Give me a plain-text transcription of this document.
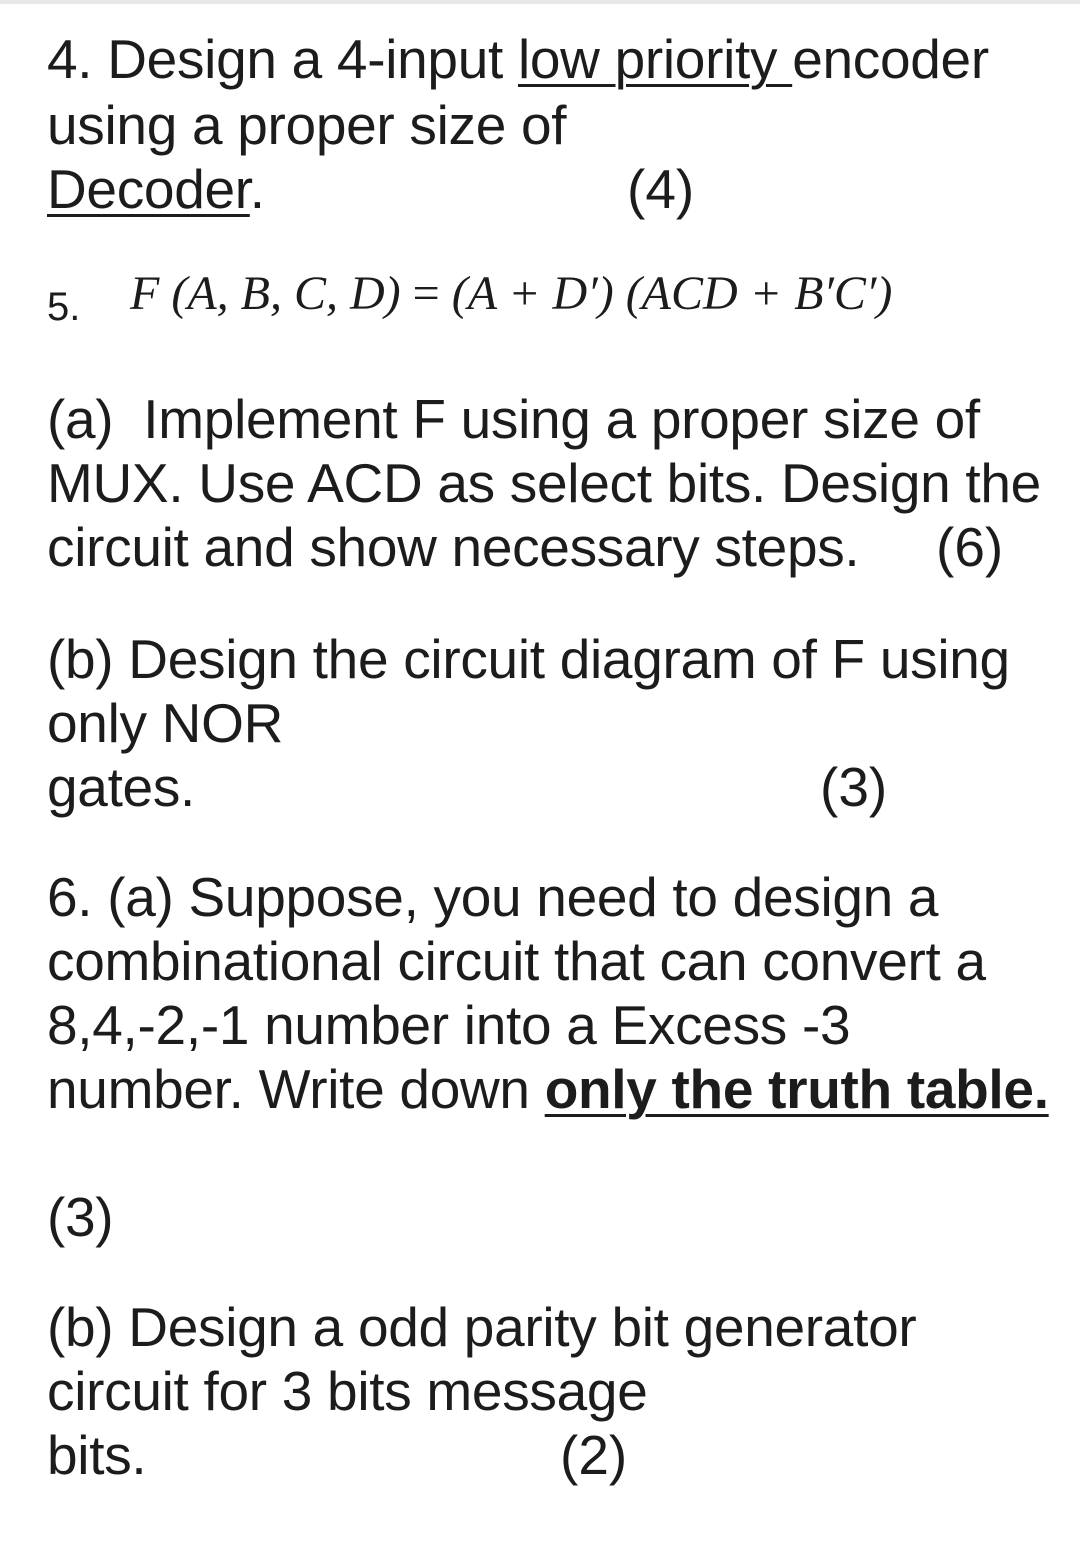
4. Design a 4-input low priority encoder
using a proper size of
Decoder.	(4)
5. F (A, B, C, D) = (A + D′) (ACD + B′C′)
(a)  Implement F using a proper size of
MUX. Use ACD as select bits. Design the
circuit and show necessary steps. (6)
(b) Design the circuit diagram of F using
only NOR
gates.	(3)
6. (a) Suppose, you need to design a
combinational circuit that can convert a
8,4,-2,-1 number into a Excess -3
number. Write down only the truth table.
(3)
(b) Design a odd parity bit generator
circuit for 3 bits message
bits.	(2)
